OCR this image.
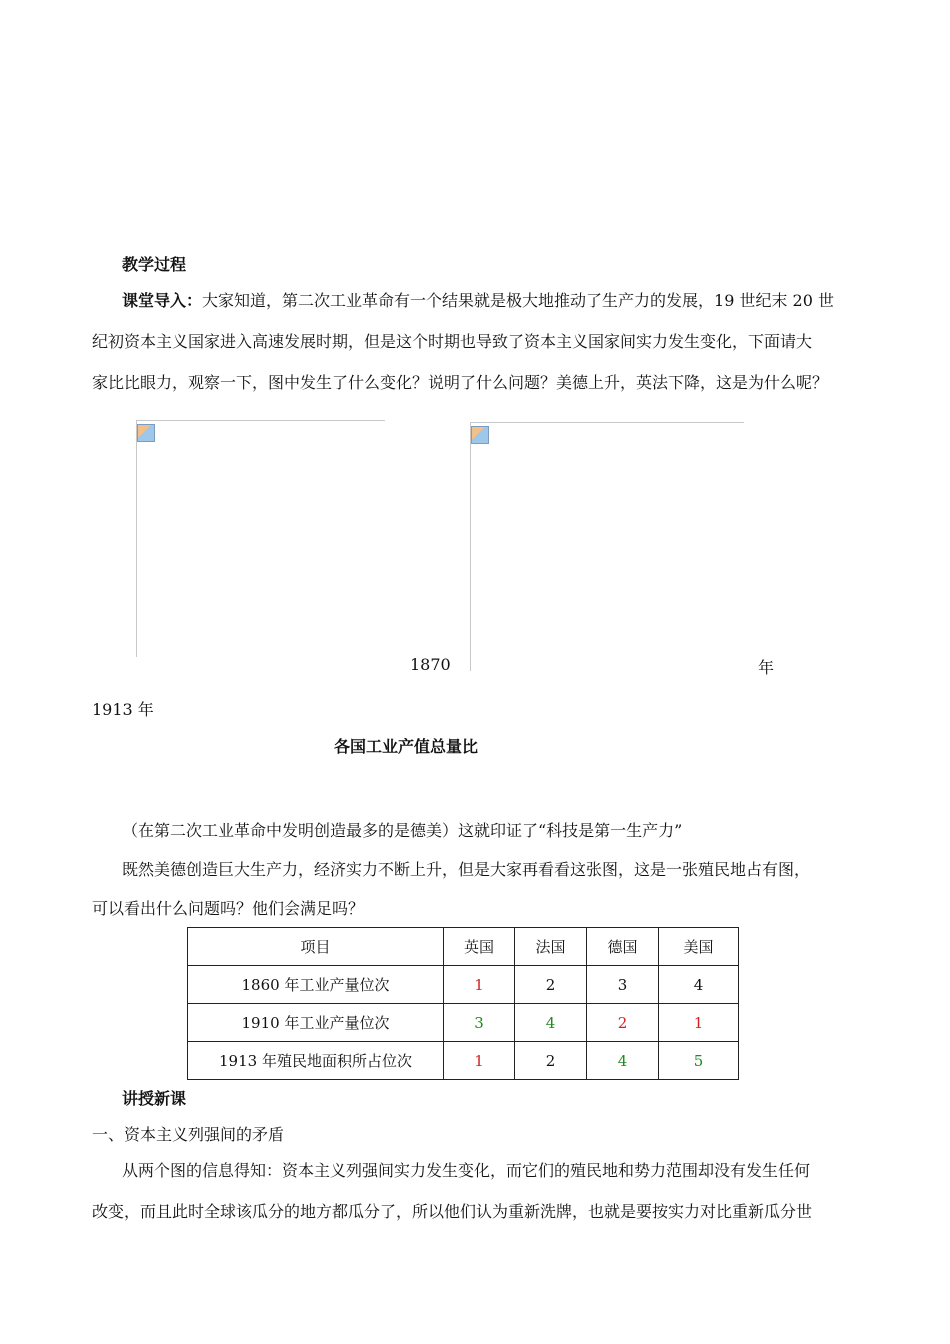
教学过程
课堂导入：大家知道，第二次工业革命有一个结果就是极大地推动了生产力的发展，19 世纪末 20 世
纪初资本主义国家进入高速发展时期，但是这个时期也导致了资本主义国家间实力发生变化，下面请大
家比比眼力，观察一下，图中发生了什么变化？说明了什么问题？美德上升，英法下降，这是为什么呢？
1870	年
1913 年
各国工业产值总量比
（在第二次工业革命中发明创造最多的是德美）这就印证了“科技是第一生产力”
既然美德创造巨大生产力，经济实力不断上升，但是大家再看看这张图，这是一张殖民地占有图，
可以看出什么问题吗？他们会满足吗？
项目	英国	法国	德国	美国
1860 年工业产量位次	1	2	3	4
1910 年工业产量位次	3	4	2	1
1913 年殖民地面积所占位次	1	2	4	5
讲授新课
一、资本主义列强间的矛盾
从两个图的信息得知：资本主义列强间实力发生变化，而它们的殖民地和势力范围却没有发生任何
改变，而且此时全球该瓜分的地方都瓜分了，所以他们认为重新洗牌，也就是要按实力对比重新瓜分世
